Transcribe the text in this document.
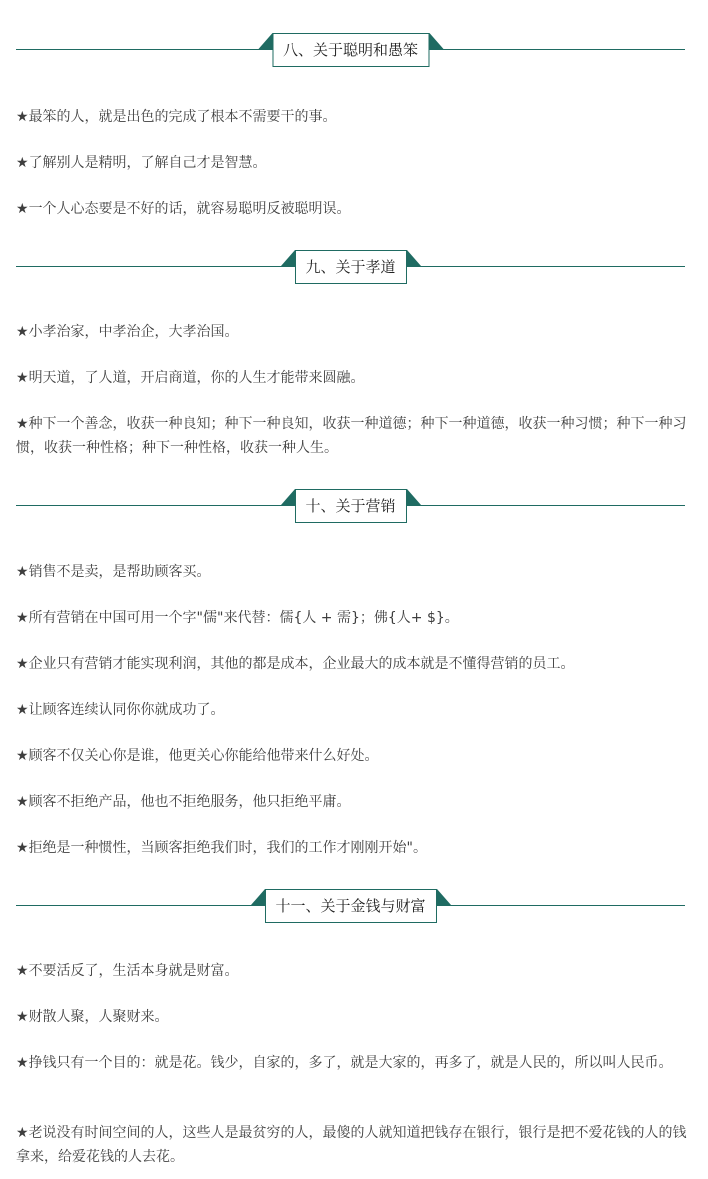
八、关于聪明和愚笨

★最笨的人，就是出色的完成了根本不需要干的事。

★了解别人是精明，了解自己才是智慧。

★一个人心态要是不好的话，就容易聪明反被聪明误。

九、关于孝道

★小孝治家，中孝治企，大孝治国。

★明天道，了人道，开启商道，你的人生才能带来圆融。

★种下一个善念，收获一种良知；种下一种良知，收获一种道德；种下一种道德，收获一种习惯；种下一种习惯，收获一种性格；种下一种性格，收获一种人生。

十、关于营销

★销售不是卖，是帮助顾客买。

★所有营销在中国可用一个字"儒"来代替：儒{人 + 需}；佛{人+ $}。

★企业只有营销才能实现利润，其他的都是成本，企业最大的成本就是不懂得营销的员工。

★让顾客连续认同你你就成功了。

★顾客不仅关心你是谁，他更关心你能给他带来什么好处。

★顾客不拒绝产品，他也不拒绝服务，他只拒绝平庸。

★拒绝是一种惯性，当顾客拒绝我们时，我们的工作才刚刚开始"。

十一、关于金钱与财富

★不要活反了，生活本身就是财富。

★财散人聚，人聚财来。

★挣钱只有一个目的：就是花。钱少，自家的，多了，就是大家的，再多了，就是人民的，所以叫人民币。

★老说没有时间空间的人，这些人是最贫穷的人，最傻的人就知道把钱存在银行，银行是把不爱花钱的人的钱拿来，给爱花钱的人去花。
